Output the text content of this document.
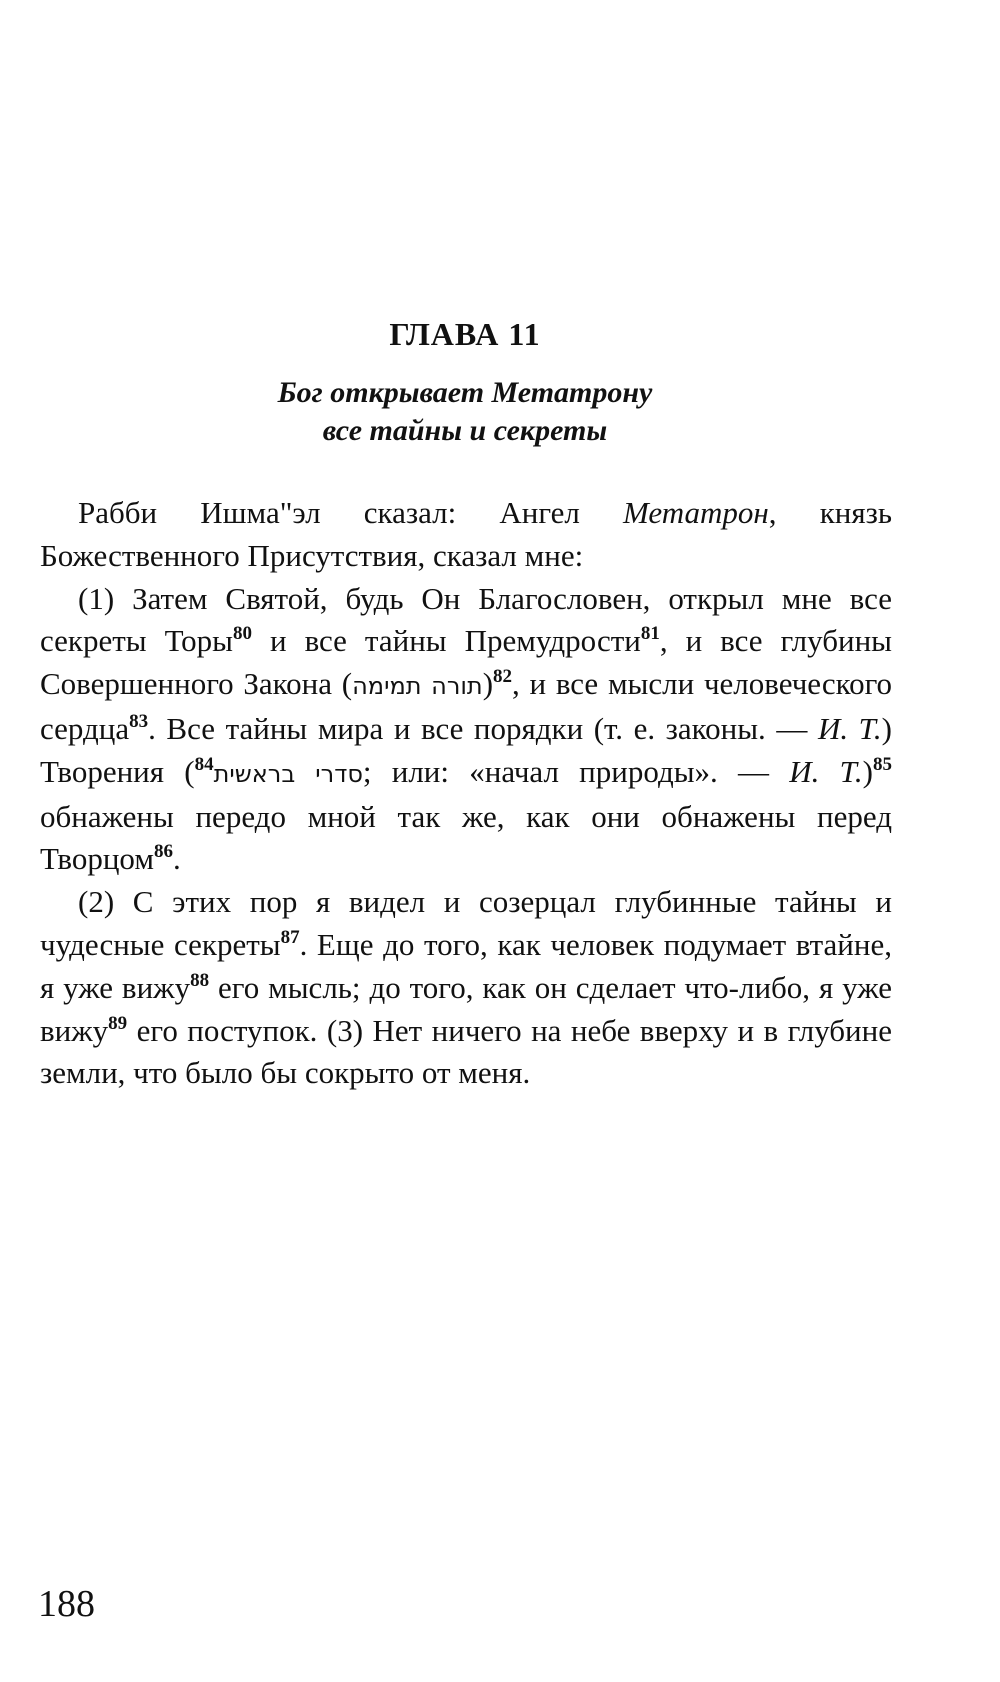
ГЛАВА 11
Бог открывает Метатрону
все тайны и секреты

Рабби Ишма"эл сказал: Ангел Метатрон, князь Божественного Присутствия, сказал мне:

(1) Затем Святой, будь Он Благословен, открыл мне все секреты Торы$^{80}$ и все тайны Премудрости$^{81}$, и все глубины Совершенного Закона (תורה תמימה)$^{82}$, и все мысли человеческого сердца$^{83}$. Все тайны мира и все порядки (т. е. законы. — И. Т.) Творения ($^{84}$סדרי בראשית; или: «начал природы». — И. Т.)$^{85}$ обнажены передо мной так же, как они обнажены перед Творцом$^{86}$.

(2) С этих пор я видел и созерцал глубинные тайны и чудесные секреты$^{87}$. Еще до того, как человек подумает втайне, я уже вижу$^{88}$ его мысль; до того, как он сделает что-либо, я уже вижу$^{89}$ его поступок. (3) Нет ничего на небе вверху и в глубине земли, что было бы сокрыто от меня.

188
